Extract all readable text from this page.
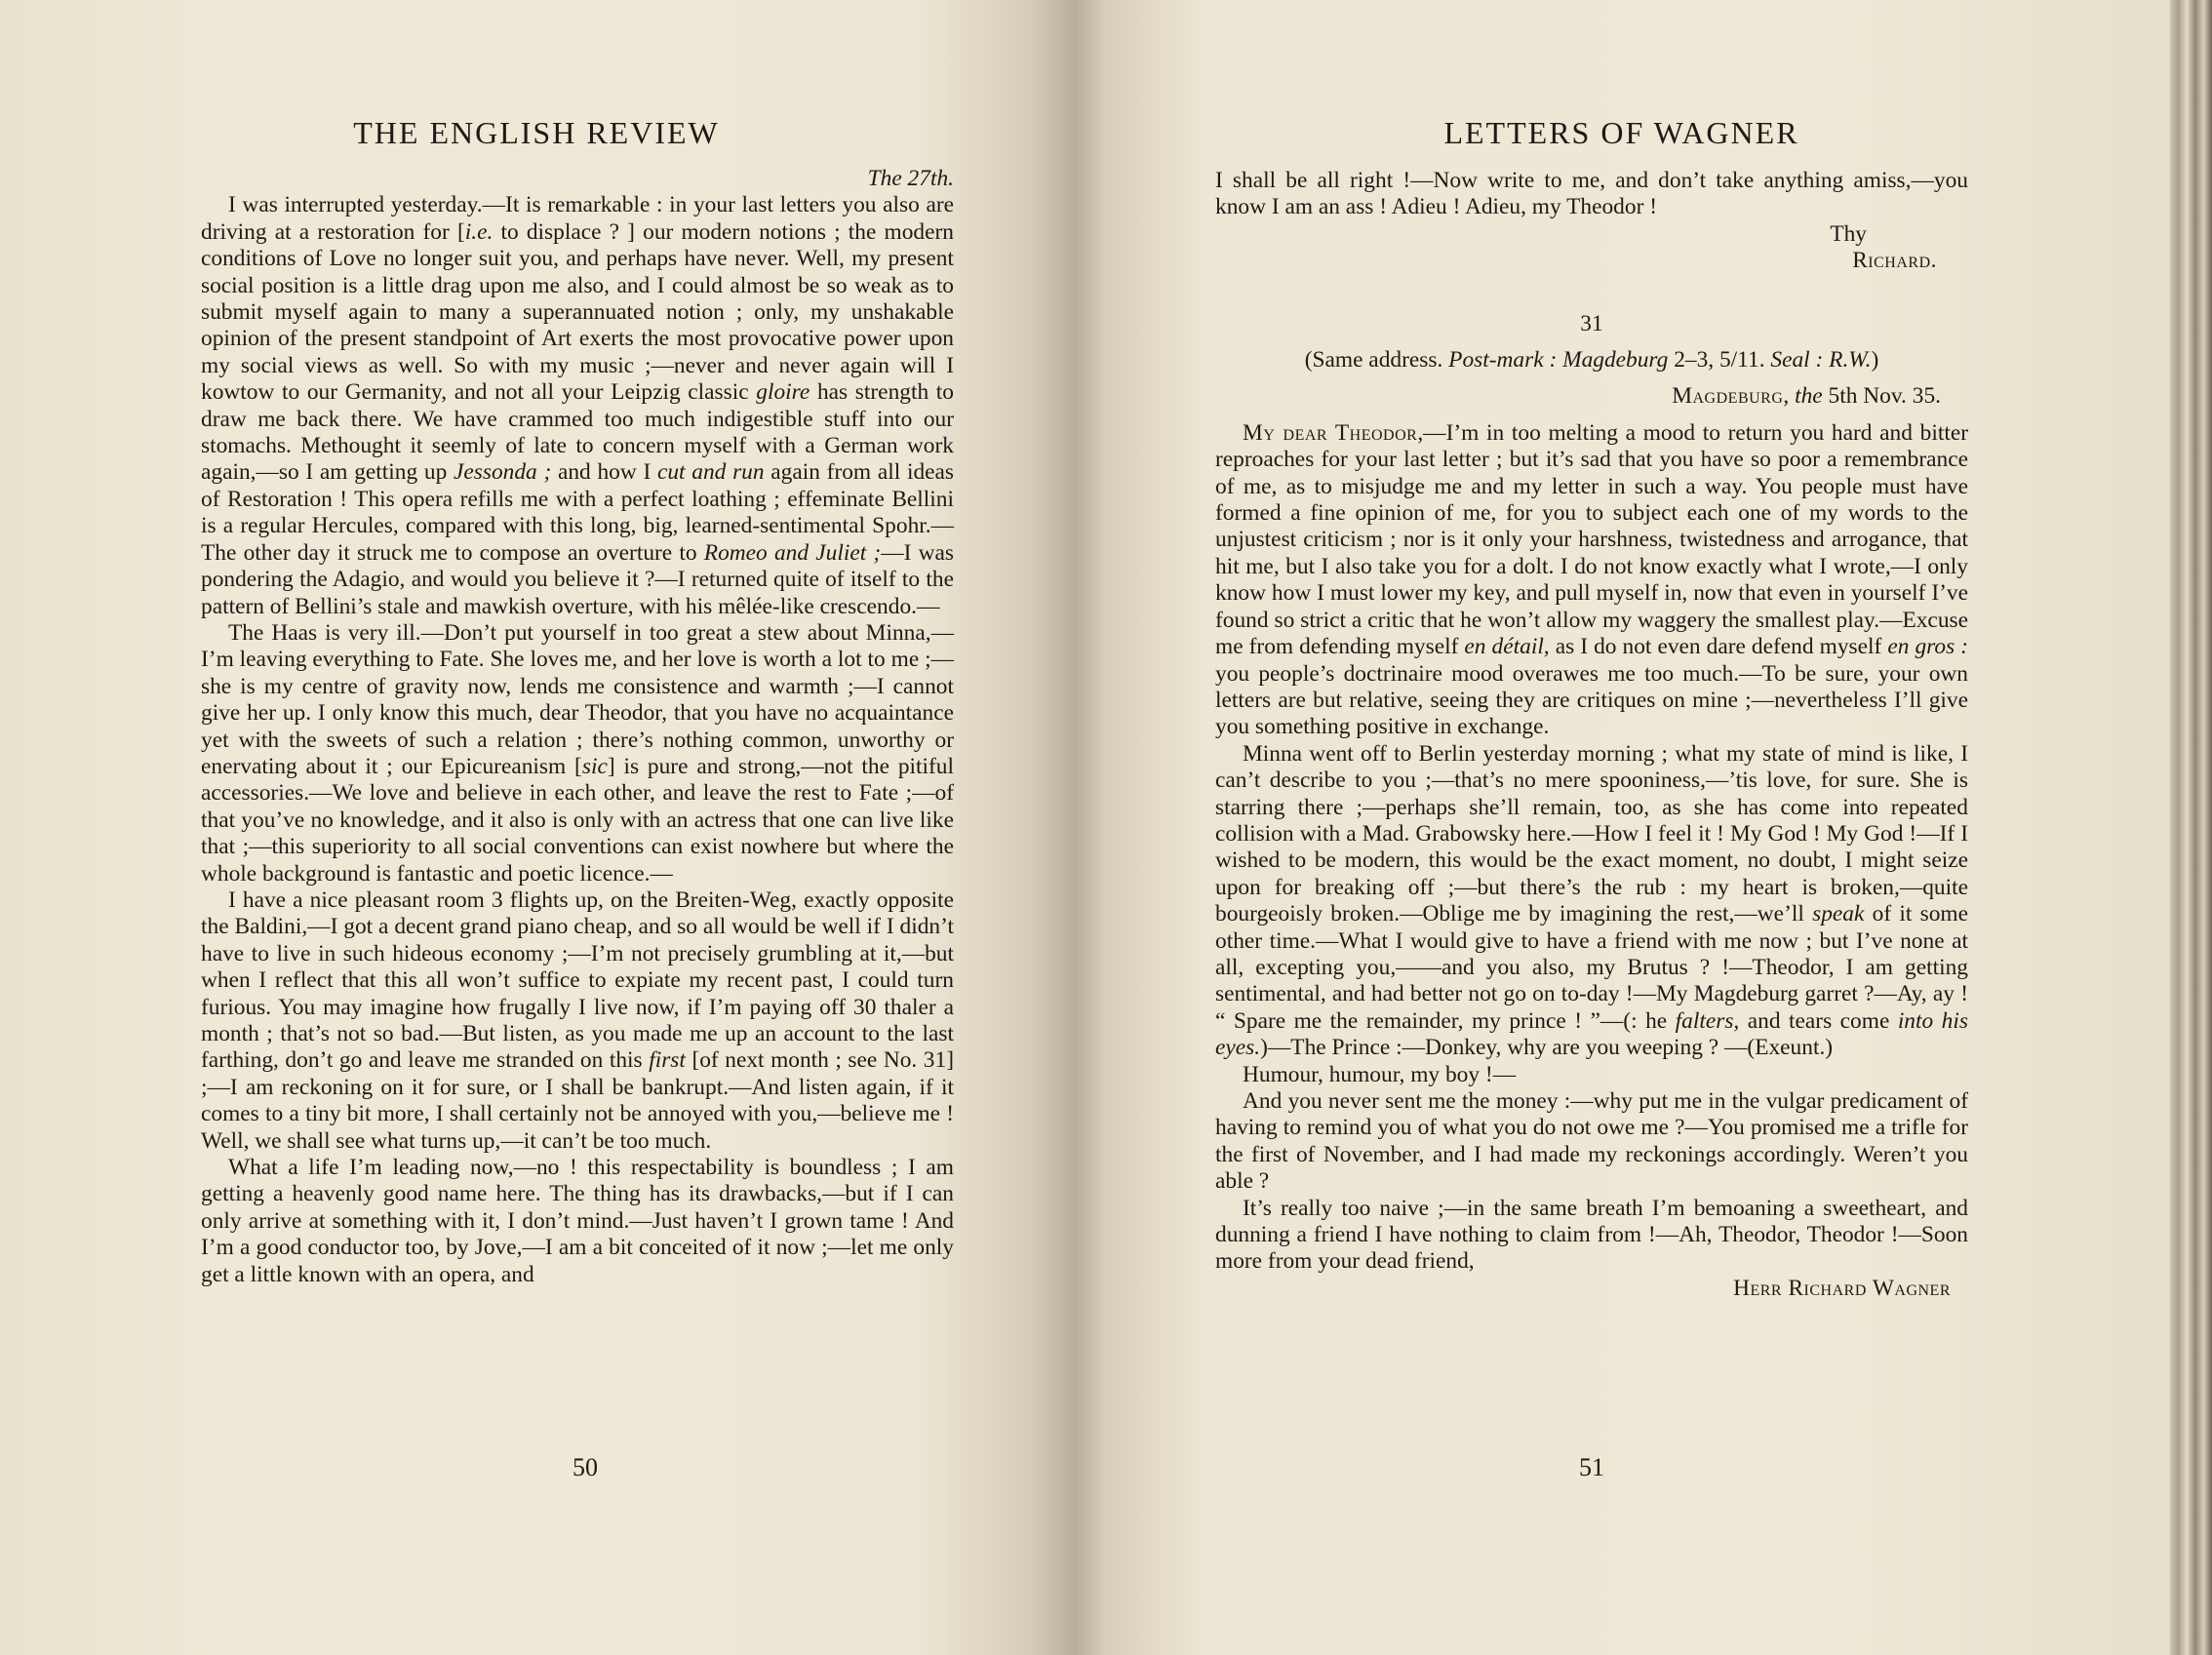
THE ENGLISH REVIEW

The 27th.

I was interrupted yesterday.—It is remarkable : in your last letters you also are driving at a restoration for [i.e. to displace ? ] our modern notions ; the modern conditions of Love no longer suit you, and perhaps have never. Well, my present social position is a little drag upon me also, and I could almost be so weak as to submit myself again to many a superannuated notion ; only, my unshakable opinion of the present standpoint of Art exerts the most provocative power upon my social views as well. So with my music ;—never and never again will I kowtow to our Germanity, and not all your Leipzig classic gloire has strength to draw me back there. We have crammed too much indigestible stuff into our stomachs. Methought it seemly of late to concern myself with a German work again,—so I am getting up Jessonda ; and how I cut and run again from all ideas of Restoration ! This opera refills me with a perfect loathing ; effeminate Bellini is a regular Hercules, compared with this long, big, learned-sentimental Spohr.—The other day it struck me to compose an overture to Romeo and Juliet ;—I was pondering the Adagio, and would you believe it ?—I returned quite of itself to the pattern of Bellini’s stale and mawkish overture, with his mêlée-like crescendo.—

The Haas is very ill.—Don’t put yourself in too great a stew about Minna,—I’m leaving everything to Fate. She loves me, and her love is worth a lot to me ;—she is my centre of gravity now, lends me consistence and warmth ;—I cannot give her up. I only know this much, dear Theodor, that you have no acquaintance yet with the sweets of such a relation ; there’s nothing common, unworthy or enervating about it ; our Epicureanism [sic] is pure and strong,—not the pitiful accessories.—We love and believe in each other, and leave the rest to Fate ;—of that you’ve no knowledge, and it also is only with an actress that one can live like that ;—this superiority to all social conventions can exist nowhere but where the whole background is fantastic and poetic licence.—

I have a nice pleasant room 3 flights up, on the Breiten-Weg, exactly opposite the Baldini,—I got a decent grand piano cheap, and so all would be well if I didn’t have to live in such hideous economy ;—I’m not precisely grumbling at it,—but when I reflect that this all won’t suffice to expiate my recent past, I could turn furious. You may imagine how frugally I live now, if I’m paying off 30 thaler a month ; that’s not so bad.—But listen, as you made me up an account to the last farthing, don’t go and leave me stranded on this first [of next month ; see No. 31] ;—I am reckoning on it for sure, or I shall be bankrupt.—And listen again, if it comes to a tiny bit more, I shall certainly not be annoyed with you,—believe me ! Well, we shall see what turns up,—it can’t be too much.

What a life I’m leading now,—no ! this respectability is boundless ; I am getting a heavenly good name here. The thing has its drawbacks,—but if I can only arrive at something with it, I don’t mind.—Just haven’t I grown tame ! And I’m a good conductor too, by Jove,—I am a bit conceited of it now ;—let me only get a little known with an opera, and

50
LETTERS OF WAGNER

I shall be all right !—Now write to me, and don’t take anything amiss,—you know I am an ass ! Adieu ! Adieu, my Theodor !

Thy

Richard.

31

(Same address. Post-mark : Magdeburg 2–3, 5/11. Seal : R.W.)

Magdeburg, the 5th Nov. 35.

My dear Theodor,—I’m in too melting a mood to return you hard and bitter reproaches for your last letter ; but it’s sad that you have so poor a remembrance of me, as to misjudge me and my letter in such a way. You people must have formed a fine opinion of me, for you to subject each one of my words to the unjustest criticism ; nor is it only your harshness, twistedness and arrogance, that hit me, but I also take you for a dolt. I do not know exactly what I wrote,—I only know how I must lower my key, and pull myself in, now that even in yourself I’ve found so strict a critic that he won’t allow my waggery the smallest play.—Excuse me from defending myself en détail, as I do not even dare defend myself en gros : you people’s doctrinaire mood overawes me too much.—To be sure, your own letters are but relative, seeing they are critiques on mine ;—nevertheless I’ll give you something positive in exchange.

Minna went off to Berlin yesterday morning ; what my state of mind is like, I can’t describe to you ;—that’s no mere spooniness,—’tis love, for sure. She is starring there ;—perhaps she’ll remain, too, as she has come into repeated collision with a Mad. Grabowsky here.—How I feel it ! My God ! My God !—If I wished to be modern, this would be the exact moment, no doubt, I might seize upon for breaking off ;—but there’s the rub : my heart is broken,—quite bourgeoisly broken.—Oblige me by imagining the rest,—we’ll speak of it some other time.—What I would give to have a friend with me now ; but I’ve none at all, excepting you,——and you also, my Brutus ? !—Theodor, I am getting sentimental, and had better not go on to-day !—My Magdeburg garret ?—Ay, ay ! “ Spare me the remainder, my prince ! ”—(: he falters, and tears come into his eyes.)—The Prince :—Donkey, why are you weeping ? —(Exeunt.)

Humour, humour, my boy !—

And you never sent me the money :—why put me in the vulgar predicament of having to remind you of what you do not owe me ?—You promised me a trifle for the first of November, and I had made my reckonings accordingly. Weren’t you able ?

It’s really too naive ;—in the same breath I’m bemoaning a sweetheart, and dunning a friend I have nothing to claim from !—Ah, Theodor, Theodor !—Soon more from your dead friend,

Herr Richard Wagner

51
